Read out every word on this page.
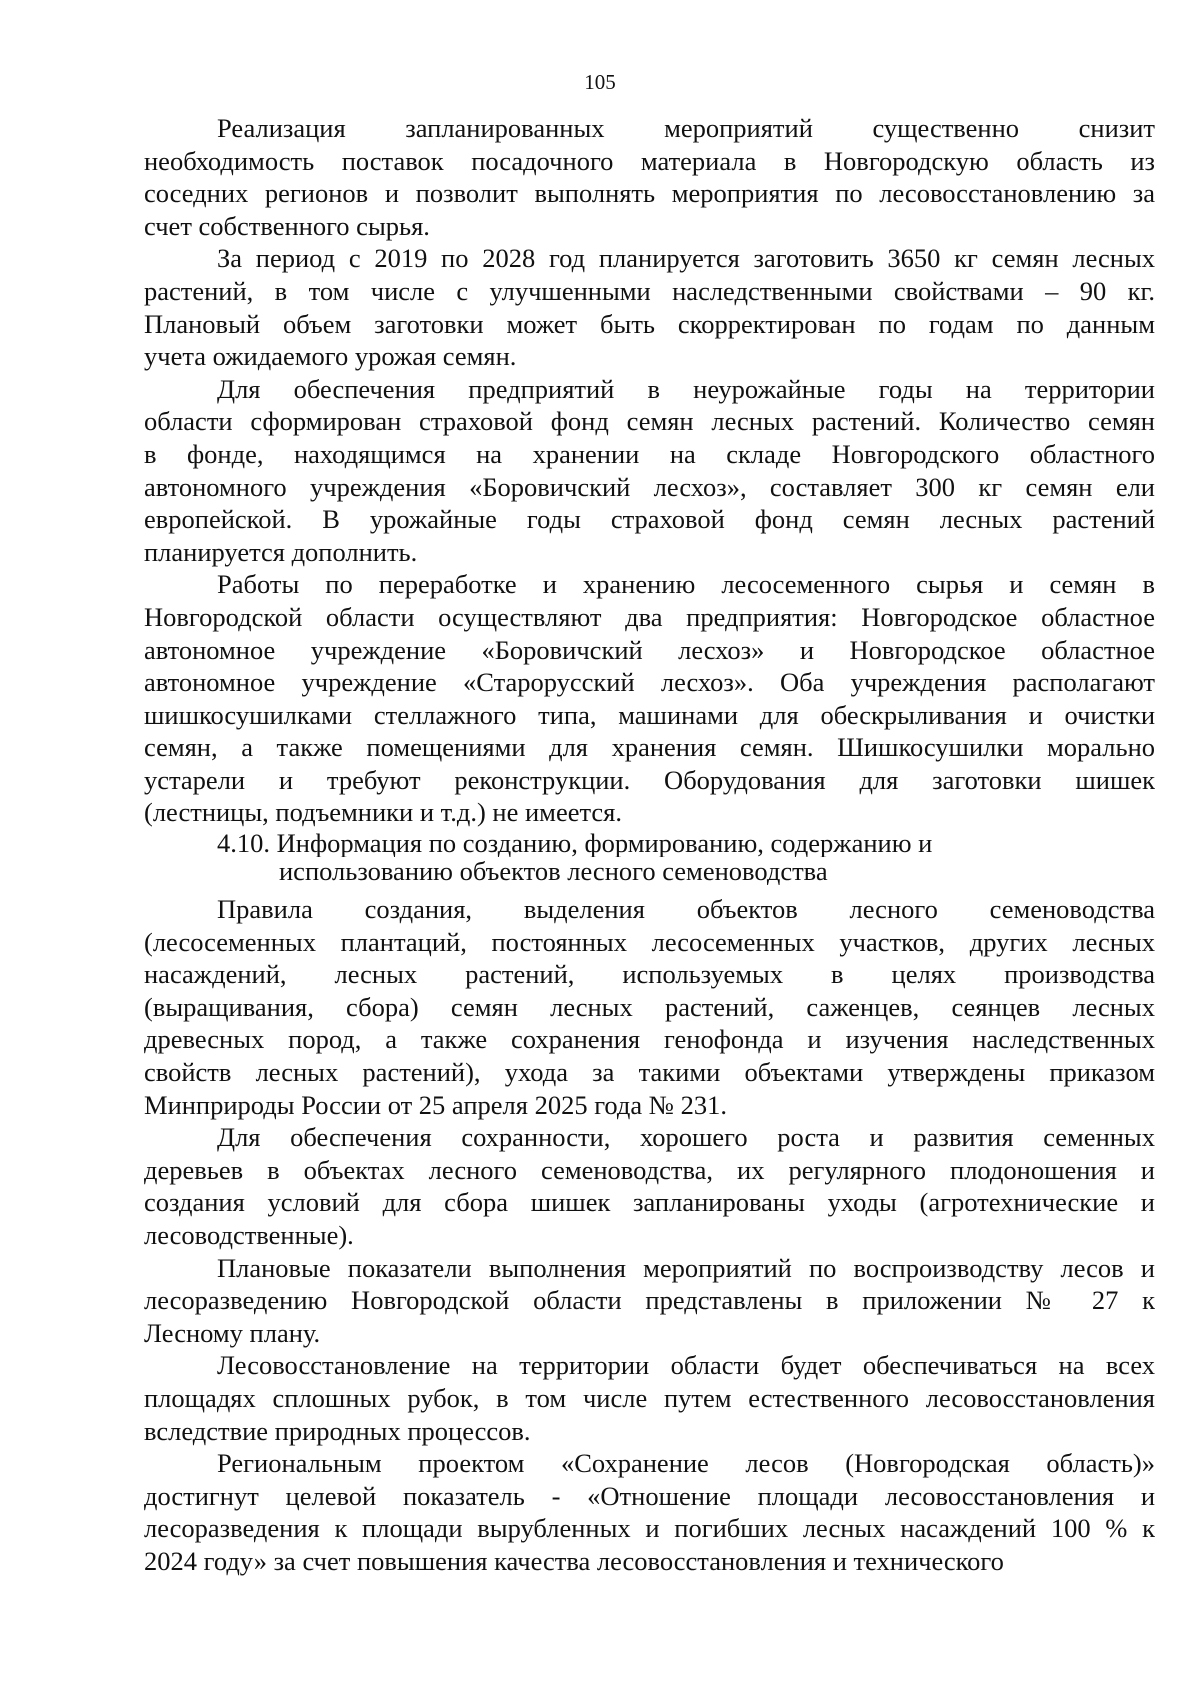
105
Реализация запланированных мероприятий существенно снизит
необходимость поставок посадочного материала в Новгородскую область из
соседних регионов и позволит выполнять мероприятия по лесовосстановлению за
счет собственного сырья.
За период с 2019 по 2028 год планируется заготовить 3650 кг семян лесных
растений, в том числе с улучшенными наследственными свойствами – 90 кг.
Плановый объем заготовки может быть скорректирован по годам по данным
учета ожидаемого урожая семян.
Для обеспечения предприятий в неурожайные годы на территории
области сформирован страховой фонд семян лесных растений. Количество семян
в фонде, находящимся на хранении на складе Новгородского областного
автономного учреждения «Боровичский лесхоз», составляет 300 кг семян ели
европейской. В урожайные годы страховой фонд семян лесных растений
планируется дополнить.
Работы по переработке и хранению лесосеменного сырья и семян в
Новгородской области осуществляют два предприятия: Новгородское областное
автономное учреждение «Боровичский лесхоз» и Новгородское областное
автономное учреждение «Старорусский лесхоз». Оба учреждения располагают
шишкосушилками стеллажного типа, машинами для обескрыливания и очистки
семян, а также помещениями для хранения семян. Шишкосушилки морально
устарели и требуют реконструкции. Оборудования для заготовки шишек
(лестницы, подъемники и т.д.) не имеется.
4.10. Информация по созданию, формированию, содержанию и
использованию объектов лесного семеноводства
Правила создания, выделения объектов лесного семеноводства
(лесосеменных плантаций, постоянных лесосеменных участков, других лесных
насаждений, лесных растений, используемых в целях производства
(выращивания, сбора) семян лесных растений, саженцев, сеянцев лесных
древесных пород, а также сохранения генофонда и изучения наследственных
свойств лесных растений), ухода за такими объектами утверждены приказом
Минприроды России от 25 апреля 2025 года № 231.
Для обеспечения сохранности, хорошего роста и развития семенных
деревьев в объектах лесного семеноводства, их регулярного плодоношения и
создания условий для сбора шишек запланированы уходы (агротехнические и
лесоводственные).
Плановые показатели выполнения мероприятий по воспроизводству лесов и
лесоразведению Новгородской области представлены в приложении № 27 к
Лесному плану.
Лесовосстановление на территории области будет обеспечиваться на всех
площадях сплошных рубок, в том числе путем естественного лесовосстановления
вследствие природных процессов.
Региональным проектом «Сохранение лесов (Новгородская область)»
достигнут целевой показатель - «Отношение площади лесовосстановления и
лесоразведения к площади вырубленных и погибших лесных насаждений 100 % к
2024 году» за счет повышения качества лесовосстановления и технического
